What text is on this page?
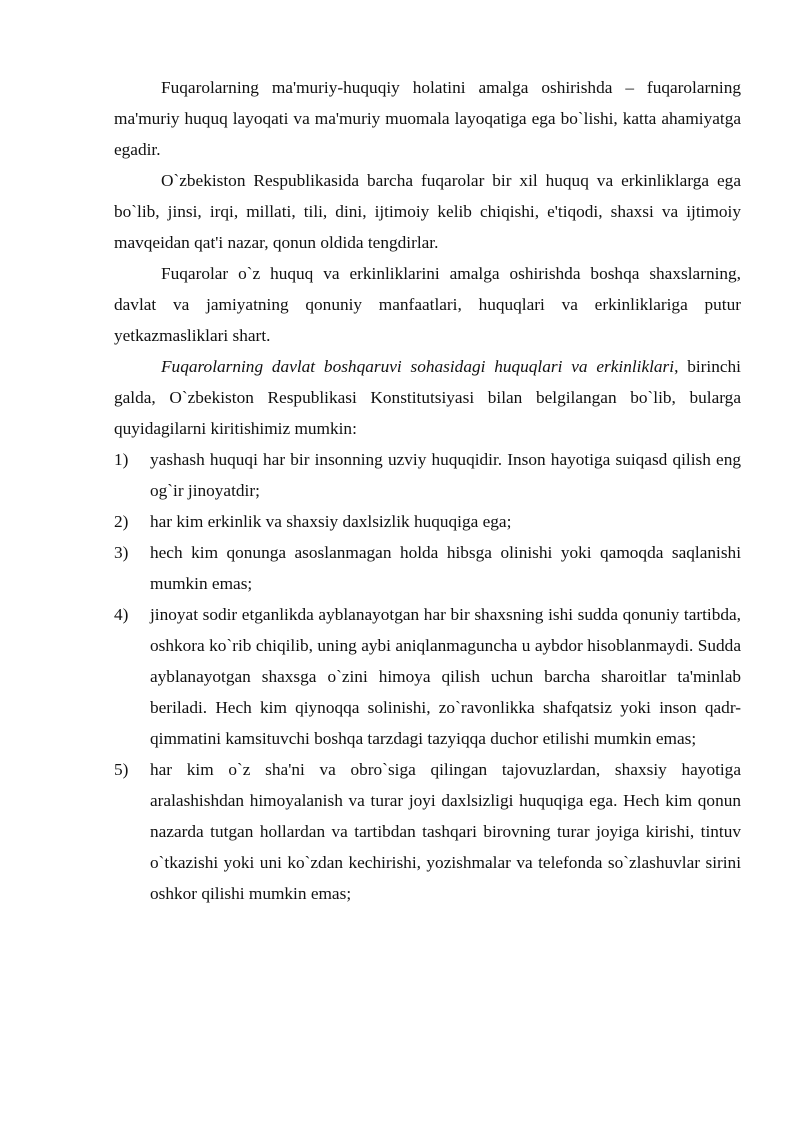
Fuqarolarning ma'muriy-huquqiy holatini amalga oshirishda – fuqarolarning ma'muriy huquq layoqati va ma'muriy muomala layoqatiga ega bo`lishi, katta ahamiyatga egadir.

O`zbekiston Respublikasida barcha fuqarolar bir xil huquq va erkinliklarga ega bo`lib, jinsi, irqi, millati, tili, dini, ijtimoiy kelib chiqishi, e'tiqodi, shaxsi va ijtimoiy mavqeidan qat'i nazar, qonun oldida tengdirlar.

Fuqarolar o`z huquq va erkinliklarini amalga oshirishda boshqa shaxslarning, davlat va jamiyatning qonuniy manfaatlari, huquqlari va erkinliklariga putur yetkazmasliklari shart.

Fuqarolarning davlat boshqaruvi sohasidagi huquqlari va erkinliklari, birinchi galda, O`zbekiston Respublikasi Konstitutsiyasi bilan belgilangan bo`lib, bularga quyidagilarni kiritishimiz mumkin:

1)	yashash huquqi har bir insonning uzviy huquqidir. Inson hayotiga suiqasd qilish eng og`ir jinoyatdir;
2)	har kim erkinlik va shaxsiy daxlsizlik huquqiga ega;
3)	hech kim qonunga asoslanmagan holda hibsga olinishi yoki qamoqda saqlanishi mumkin emas;
4)	jinoyat sodir etganlikda ayblanayotgan har bir shaxsning ishi sudda qonuniy tartibda, oshkora ko`rib chiqilib, uning aybi aniqlanmaguncha u aybdor hisoblanmaydi. Sudda ayblanayotgan shaxsga o`zini himoya qilish uchun barcha sharoitlar ta'minlab beriladi. Hech kim qiynoqqa solinishi, zo`ravonlikka shafqatsiz yoki inson qadr-qimmatini kamsituvchi boshqa tarzdagi tazyiqqa duchor etilishi mumkin emas;
5)	har kim o`z sha'ni va obro`siga qilingan tajovuzlardan, shaxsiy hayotiga aralashishdan himoyalanish va turar joyi daxlsizligi huquqiga ega. Hech kim qonun nazarda tutgan hollardan va tartibdan tashqari birovning turar joyiga kirishi, tintuv o`tkazishi yoki uni ko`zdan kechirishi, yozishmalar va telefonda so`zlashuvlar sirini oshkor qilishi mumkin emas;
